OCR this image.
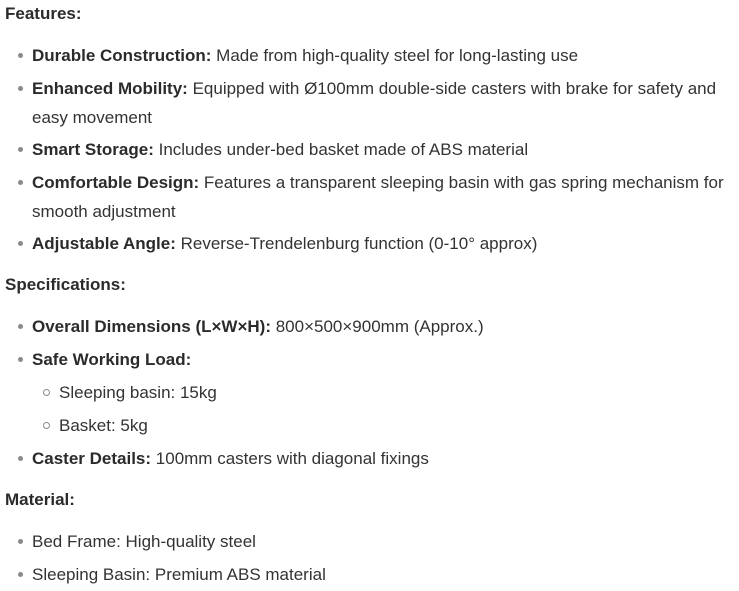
Features:
Durable Construction: Made from high-quality steel for long-lasting use
Enhanced Mobility: Equipped with Ø100mm double-side casters with brake for safety and easy movement
Smart Storage: Includes under-bed basket made of ABS material
Comfortable Design: Features a transparent sleeping basin with gas spring mechanism for smooth adjustment
Adjustable Angle: Reverse-Trendelenburg function (0-10° approx)
Specifications:
Overall Dimensions (L×W×H): 800×500×900mm (Approx.)
Safe Working Load:
Sleeping basin: 15kg
Basket: 5kg
Caster Details: 100mm casters with diagonal fixings
Material:
Bed Frame: High-quality steel
Sleeping Basin: Premium ABS material
